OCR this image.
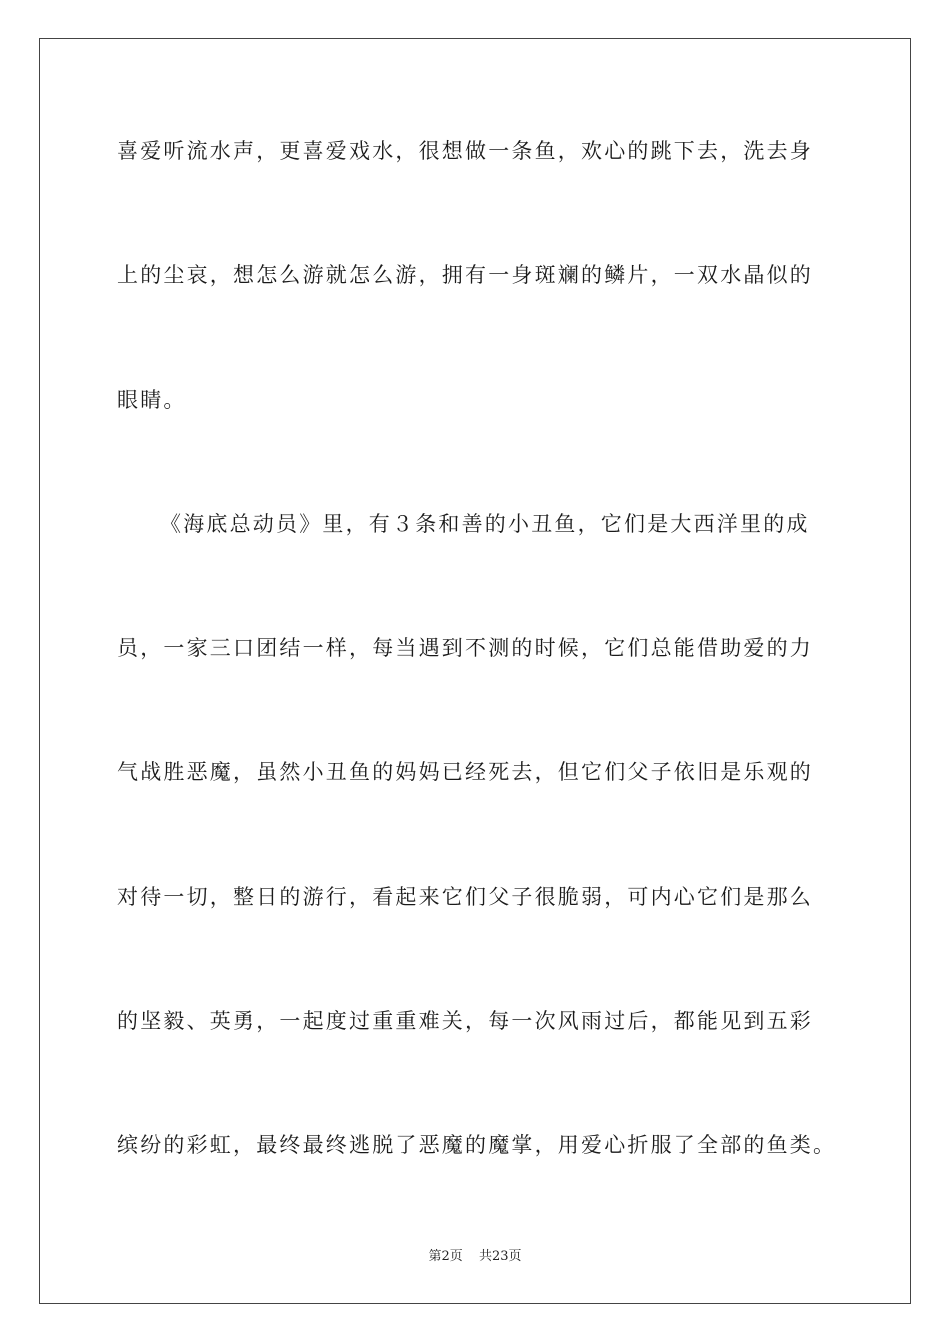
喜爱听流水声，更喜爱戏水，很想做一条鱼，欢心的跳下去，洗去身
上的尘哀，想怎么游就怎么游，拥有一身斑斓的鳞片，一双水晶似的
眼睛。
《海底总动员》里，有３条和善的小丑鱼，它们是大西洋里的成
员，一家三口团结一样，每当遇到不测的时候，它们总能借助爱的力
气战胜恶魔，虽然小丑鱼的妈妈已经死去，但它们父子依旧是乐观的
对待一切，整日的游行，看起来它们父子很脆弱，可内心它们是那么
的坚毅、英勇，一起度过重重难关，每一次风雨过后，都能见到五彩
缤纷的彩虹，最终最终逃脱了恶魔的魔掌，用爱心折服了全部的鱼类。
第2页 共23页
